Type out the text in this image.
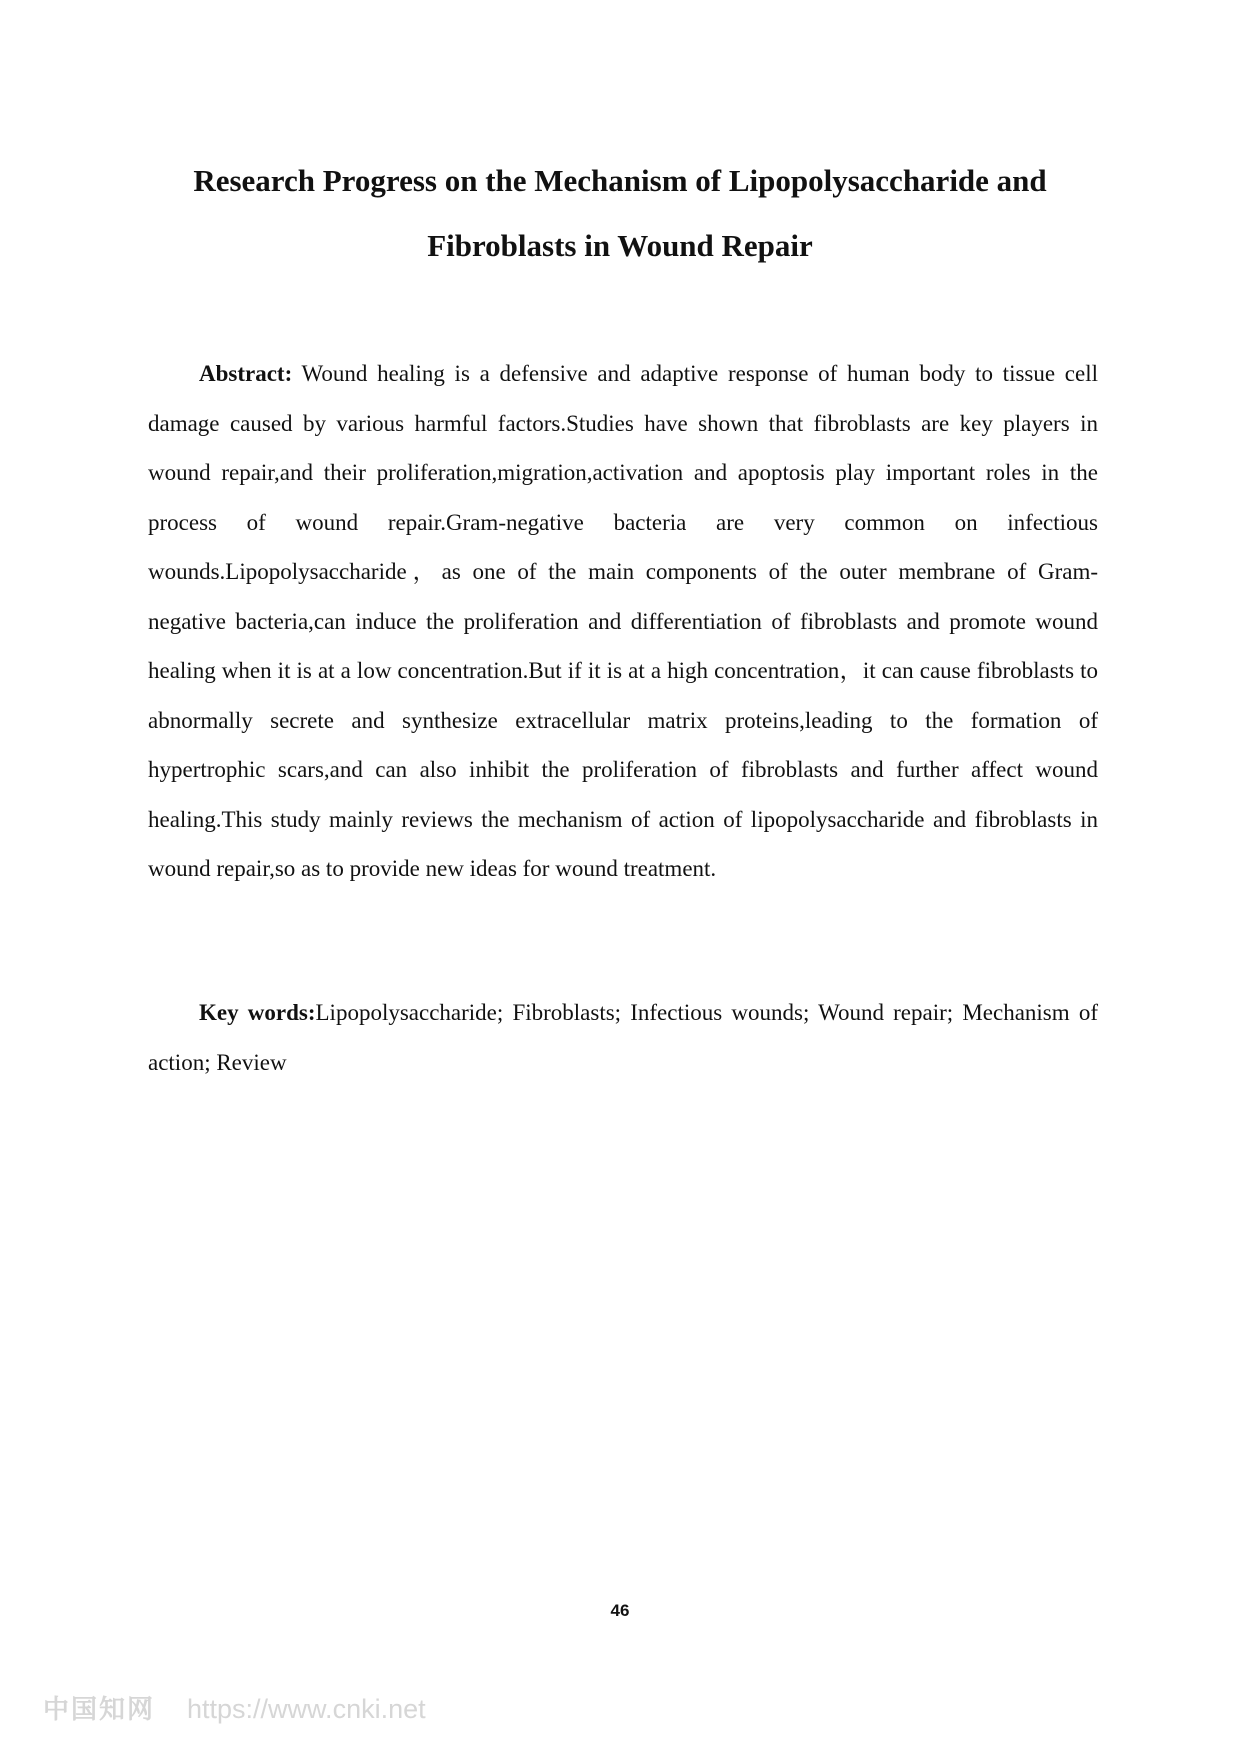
Research Progress on the Mechanism of Lipopolysaccharide and
Fibroblasts in Wound Repair
Abstract: Wound healing is a defensive and adaptive response of human body to tissue cell damage caused by various harmful factors.Studies have shown that fibroblasts are key players in wound repair,and their proliferation,migration,activation and apoptosis play important roles in the process of wound repair.Gram-negative bacteria are very common on infectious wounds.Lipopolysaccharide，as one of the main components of the outer membrane of Gram-negative bacteria,can induce the proliferation and differentiation of fibroblasts and promote wound healing when it is at a low concentration.But if it is at a high concentration，it can cause fibroblasts to abnormally secrete and synthesize extracellular matrix proteins,leading to the formation of hypertrophic scars,and can also inhibit the proliferation of fibroblasts and further affect wound healing.This study mainly reviews the mechanism of action of lipopolysaccharide and fibroblasts in wound repair,so as to provide new ideas for wound treatment.
Key words:Lipopolysaccharide; Fibroblasts; Infectious wounds; Wound repair; Mechanism of action; Review
46
中国知网 https://www.cnki.net
